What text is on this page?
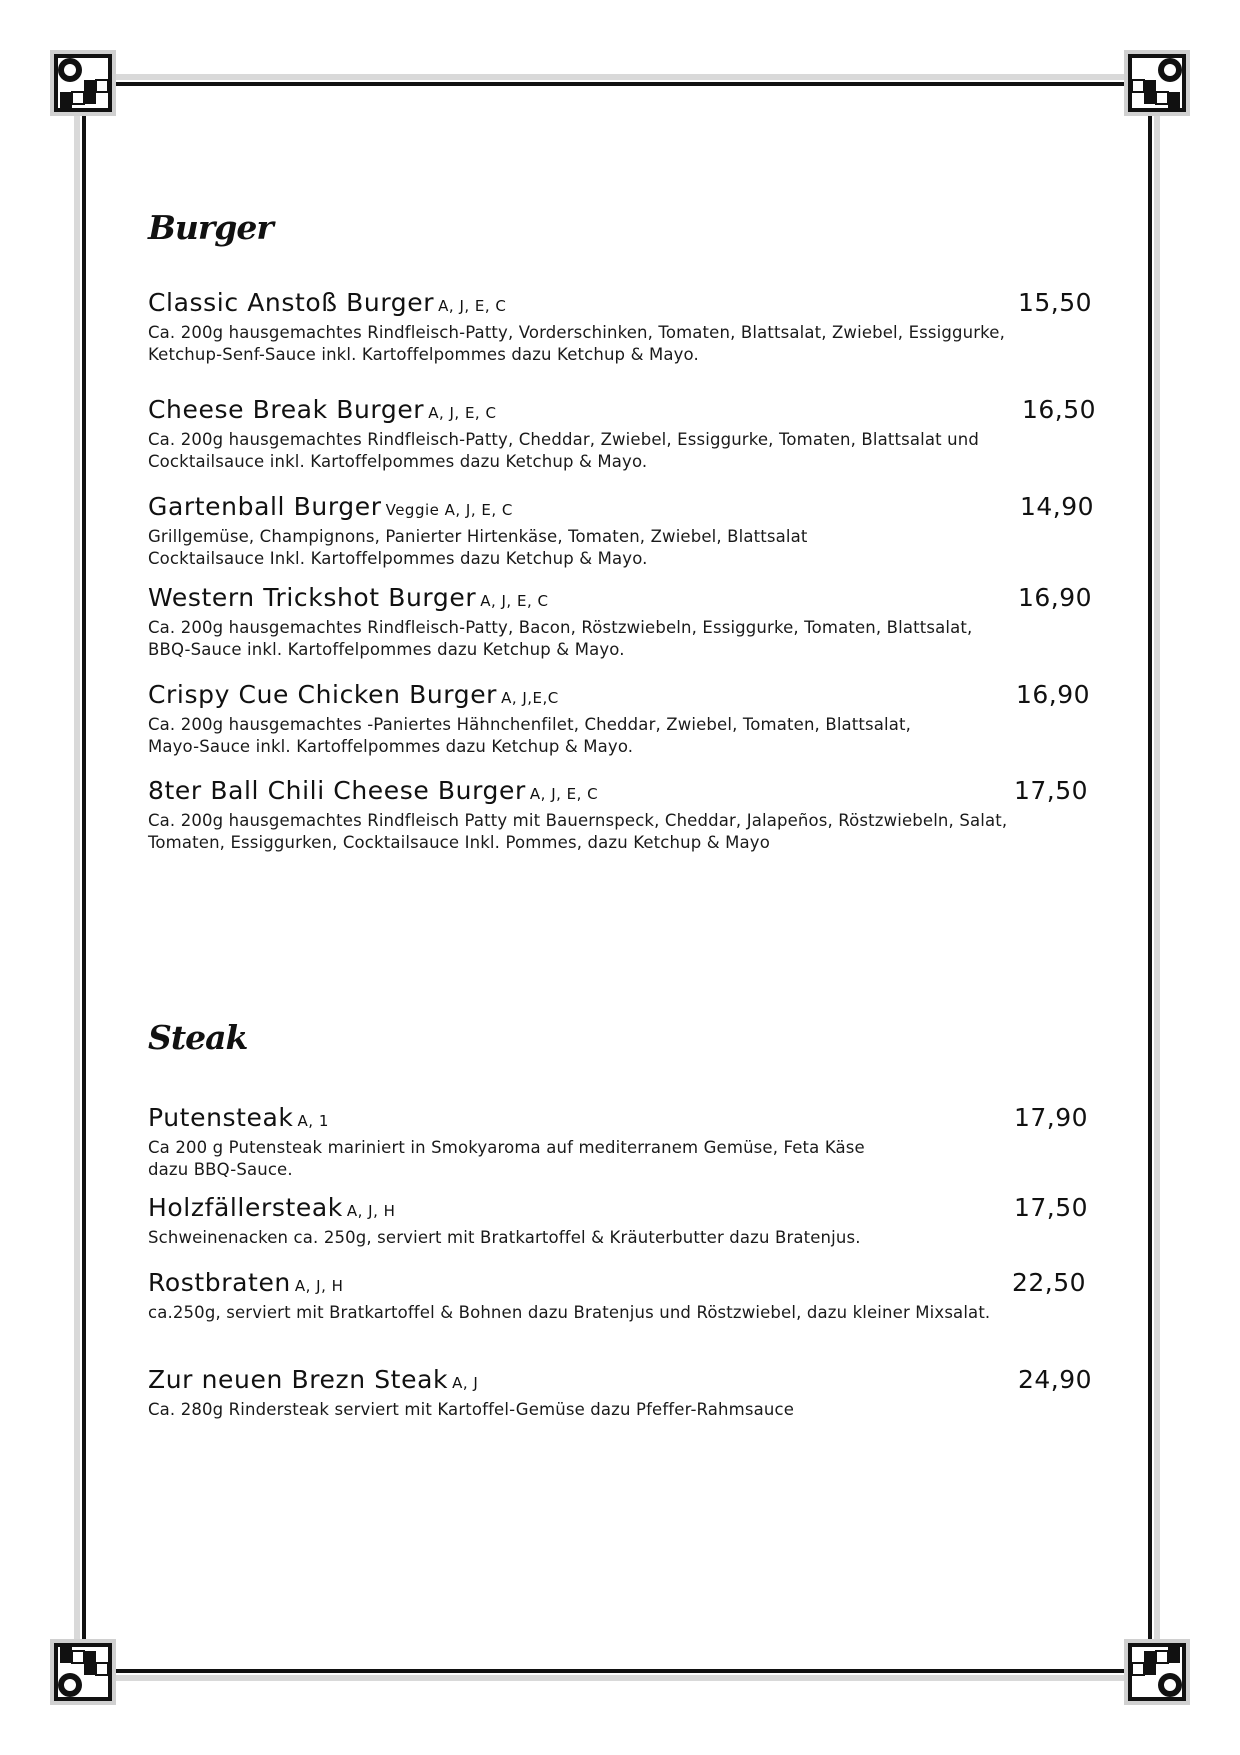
Burger
Classic Anstoß Burger A, J, E, C	15,50
Ca. 200g hausgemachtes Rindfleisch-Patty, Vorderschinken, Tomaten, Blattsalat, Zwiebel, Essiggurke,
Ketchup-Senf-Sauce inkl. Kartoffelpommes dazu Ketchup & Mayo.
Cheese Break Burger A, J, E, C	16,50
Ca. 200g hausgemachtes Rindfleisch-Patty, Cheddar, Zwiebel, Essiggurke, Tomaten, Blattsalat und
Cocktailsauce inkl. Kartoffelpommes dazu Ketchup & Mayo.
Gartenball Burger Veggie A, J, E, C	14,90
Grillgemüse, Champignons, Panierter Hirtenkäse, Tomaten, Zwiebel, Blattsalat
Cocktailsauce Inkl. Kartoffelpommes dazu Ketchup & Mayo.
Western Trickshot Burger A, J, E, C	16,90
Ca. 200g hausgemachtes Rindfleisch-Patty, Bacon, Röstzwiebeln, Essiggurke, Tomaten, Blattsalat,
BBQ-Sauce inkl. Kartoffelpommes dazu Ketchup & Mayo.
Crispy Cue Chicken Burger A, J,E,C	16,90
Ca. 200g hausgemachtes -Paniertes Hähnchenfilet, Cheddar, Zwiebel, Tomaten, Blattsalat,
Mayo-Sauce inkl. Kartoffelpommes dazu Ketchup & Mayo.
8ter Ball Chili Cheese Burger A, J, E, C	17,50
Ca. 200g hausgemachtes Rindfleisch Patty mit Bauernspeck, Cheddar, Jalapeños, Röstzwiebeln, Salat,
Tomaten, Essiggurken, Cocktailsauce Inkl. Pommes, dazu Ketchup & Mayo
Steak
Putensteak A, 1	17,90
Ca 200 g Putensteak mariniert in Smokyaroma auf mediterranem Gemüse, Feta Käse
dazu BBQ-Sauce.
Holzfällersteak A, J, H	17,50
Schweinenacken ca. 250g, serviert mit Bratkartoffel & Kräuterbutter dazu Bratenjus.
Rostbraten A, J, H	22,50
ca.250g, serviert mit Bratkartoffel & Bohnen dazu Bratenjus und Röstzwiebel, dazu kleiner Mixsalat.
Zur neuen Brezn Steak A, J	24,90
Ca. 280g Rindersteak serviert mit Kartoffel-Gemüse dazu Pfeffer-Rahmsauce
